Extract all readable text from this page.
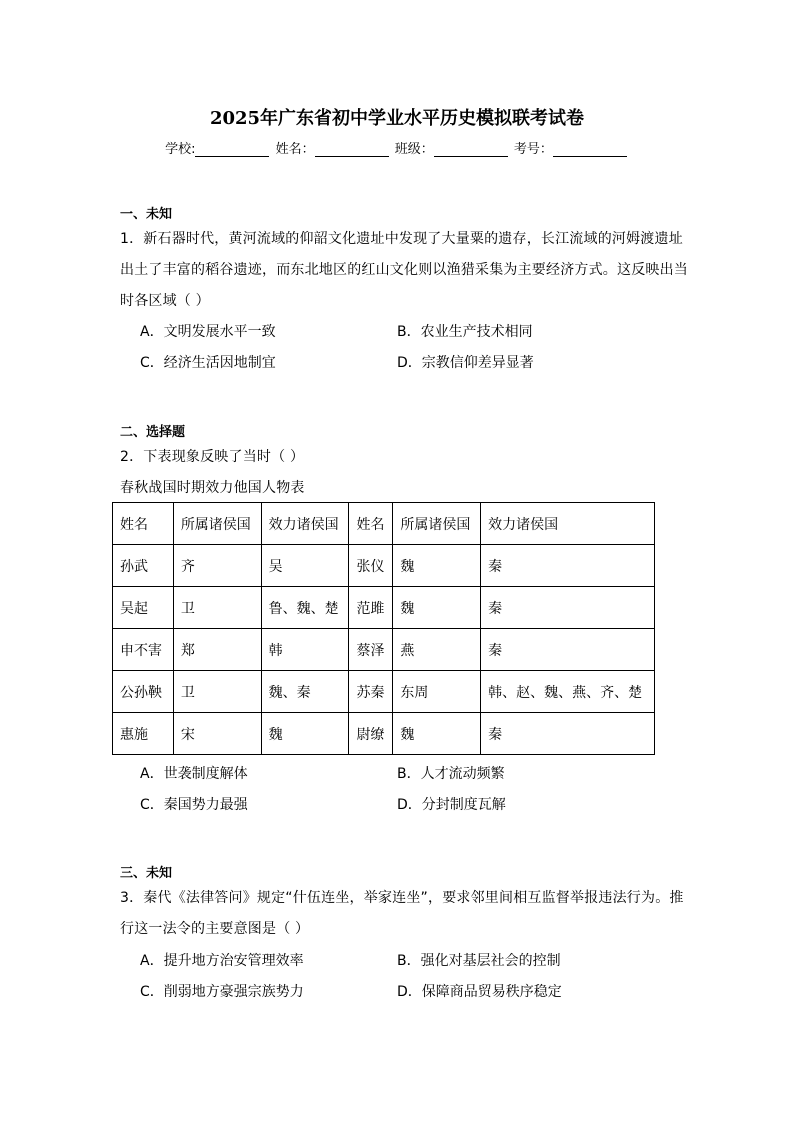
2025年广东省初中学业水平历史模拟联考试卷
学校:	姓名：	班级：	考号：
一、未知
1．新石器时代，黄河流域的仰韶文化遗址中发现了大量粟的遗存，长江流域的河姆渡遗址
出土了丰富的稻谷遗迹，而东北地区的红山文化则以渔猎采集为主要经济方式。这反映出当
时各区域（ ）
A．文明发展水平一致	B．农业生产技术相同
C．经济生活因地制宜	D．宗教信仰差异显著
二、选择题
2．下表现象反映了当时（ ）
春秋战国时期效力他国人物表
姓名	所属诸侯国	效力诸侯国	姓名	所属诸侯国	效力诸侯国
孙武	齐	吴	张仪	魏	秦
吴起	卫	鲁、魏、楚	范雎	魏	秦
申不害	郑	韩	蔡泽	燕	秦
公孙鞅	卫	魏、秦	苏秦	东周	韩、赵、魏、燕、齐、楚
惠施	宋	魏	尉缭	魏	秦
A．世袭制度解体	B．人才流动频繁
C．秦国势力最强	D．分封制度瓦解
三、未知
3．秦代《法律答问》规定“什伍连坐，举家连坐”，要求邻里间相互监督举报违法行为。推
行这一法令的主要意图是（ ）
A．提升地方治安管理效率	B．强化对基层社会的控制
C．削弱地方豪强宗族势力	D．保障商品贸易秩序稳定
